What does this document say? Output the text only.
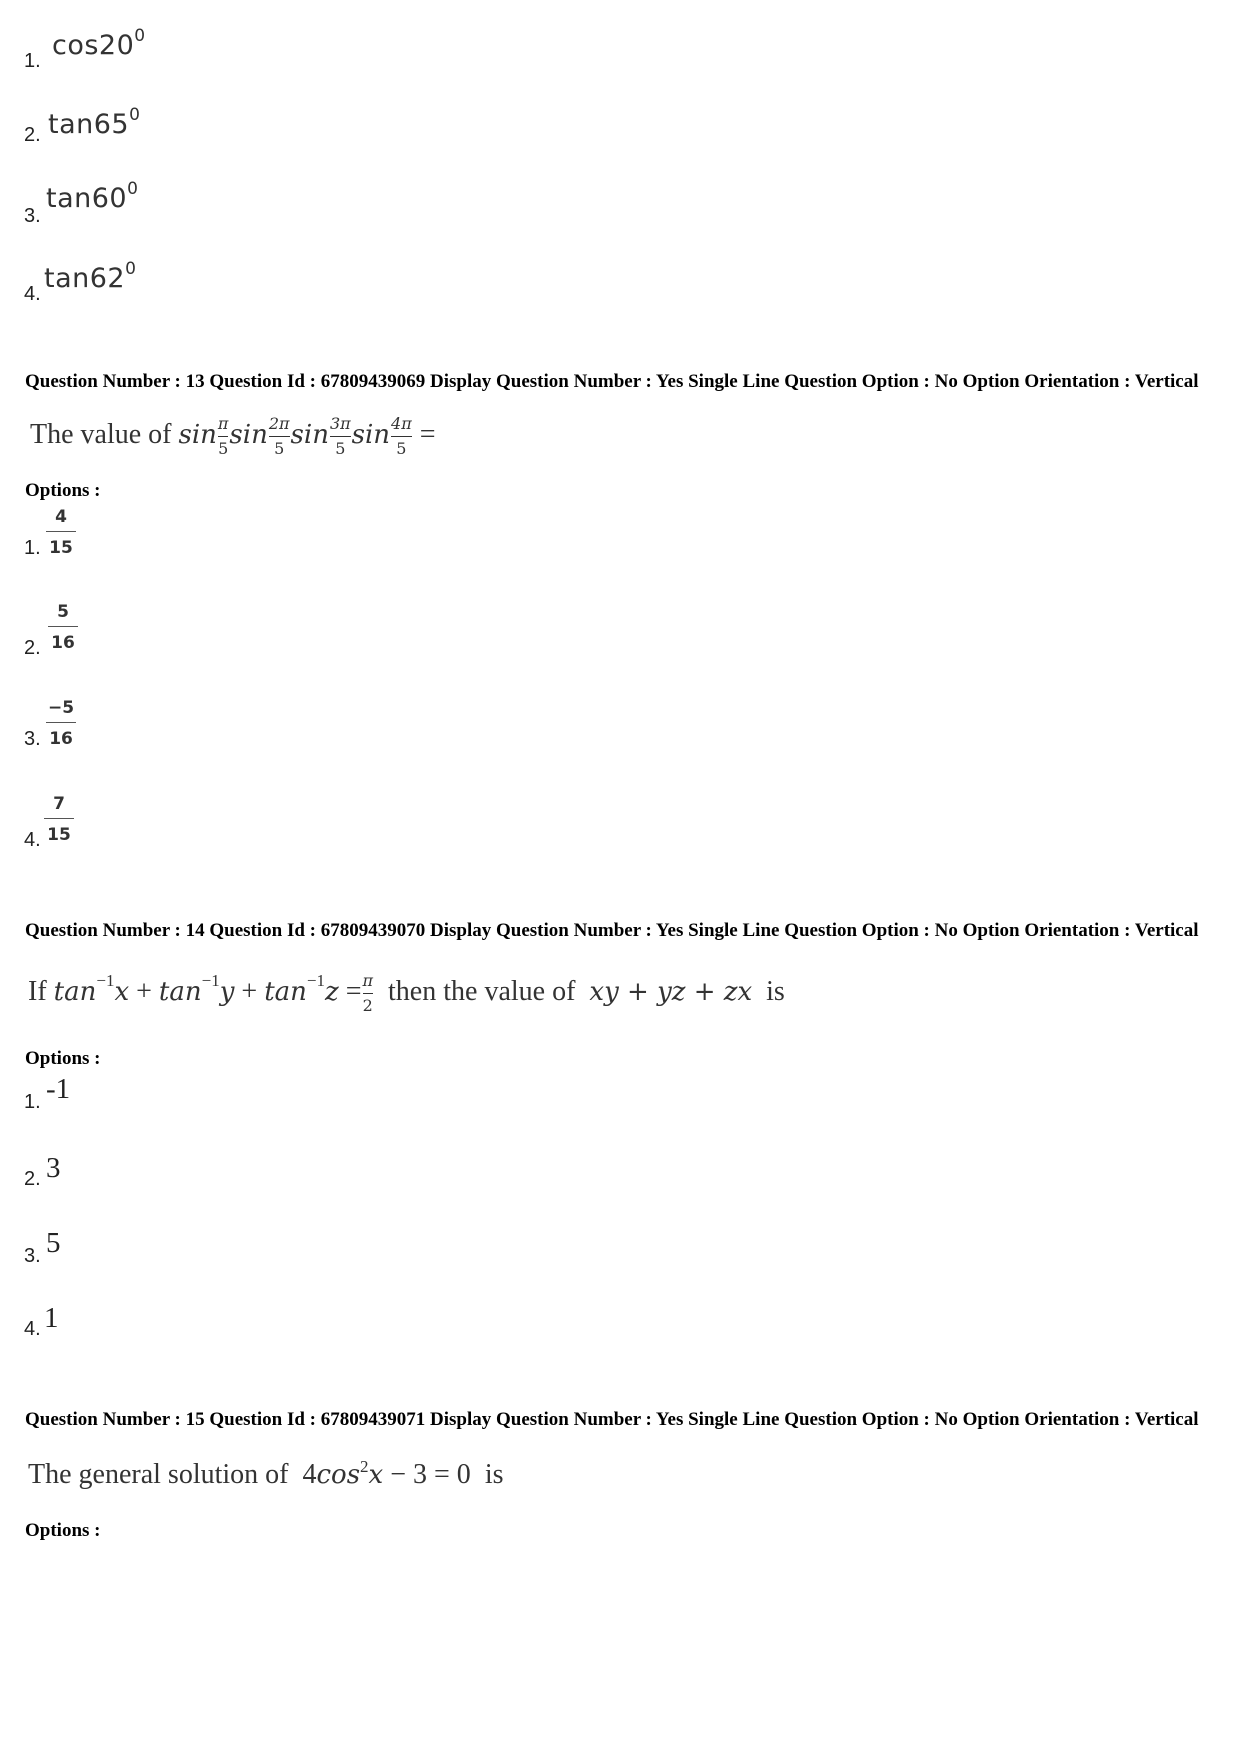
1. $\cos 20^0$
2. $\tan 65^0$
3.
$\tan 60^0$
4. $\tan 62^0$
Question Number : 13 Question Id : 67809439069 Display Question Number : Yes Single Line Question Option : No Option Orientation : Vertical
The value of $\sin \frac{\pi}{5}$ $\sin \frac{2\pi}{5}$ $\sin \frac{3\pi}{5}$ $\sin \frac{4\pi}{5}$ =
Options :
1.
4
15
2.
5
16
3.
−5
16
4.
7
15
Question Number : 14 Question Id : 67809439070 Display Question Number : Yes Single Line Question Option : No Option Orientation : Vertical
If $\tan^{-1}x + \tan^{-1}y + \tan^{-1}z = \frac{\pi}{2}$ then the value of xy + yz + zx is
Options :
1. -1
2. 3
3. 5
4. 1
Question Number : 15 Question Id : 67809439071 Display Question Number : Yes Single Line Question Option : No Option Orientation : Vertical
The general solution of $4\cos^2x - 3 = 0$ is
Options :
